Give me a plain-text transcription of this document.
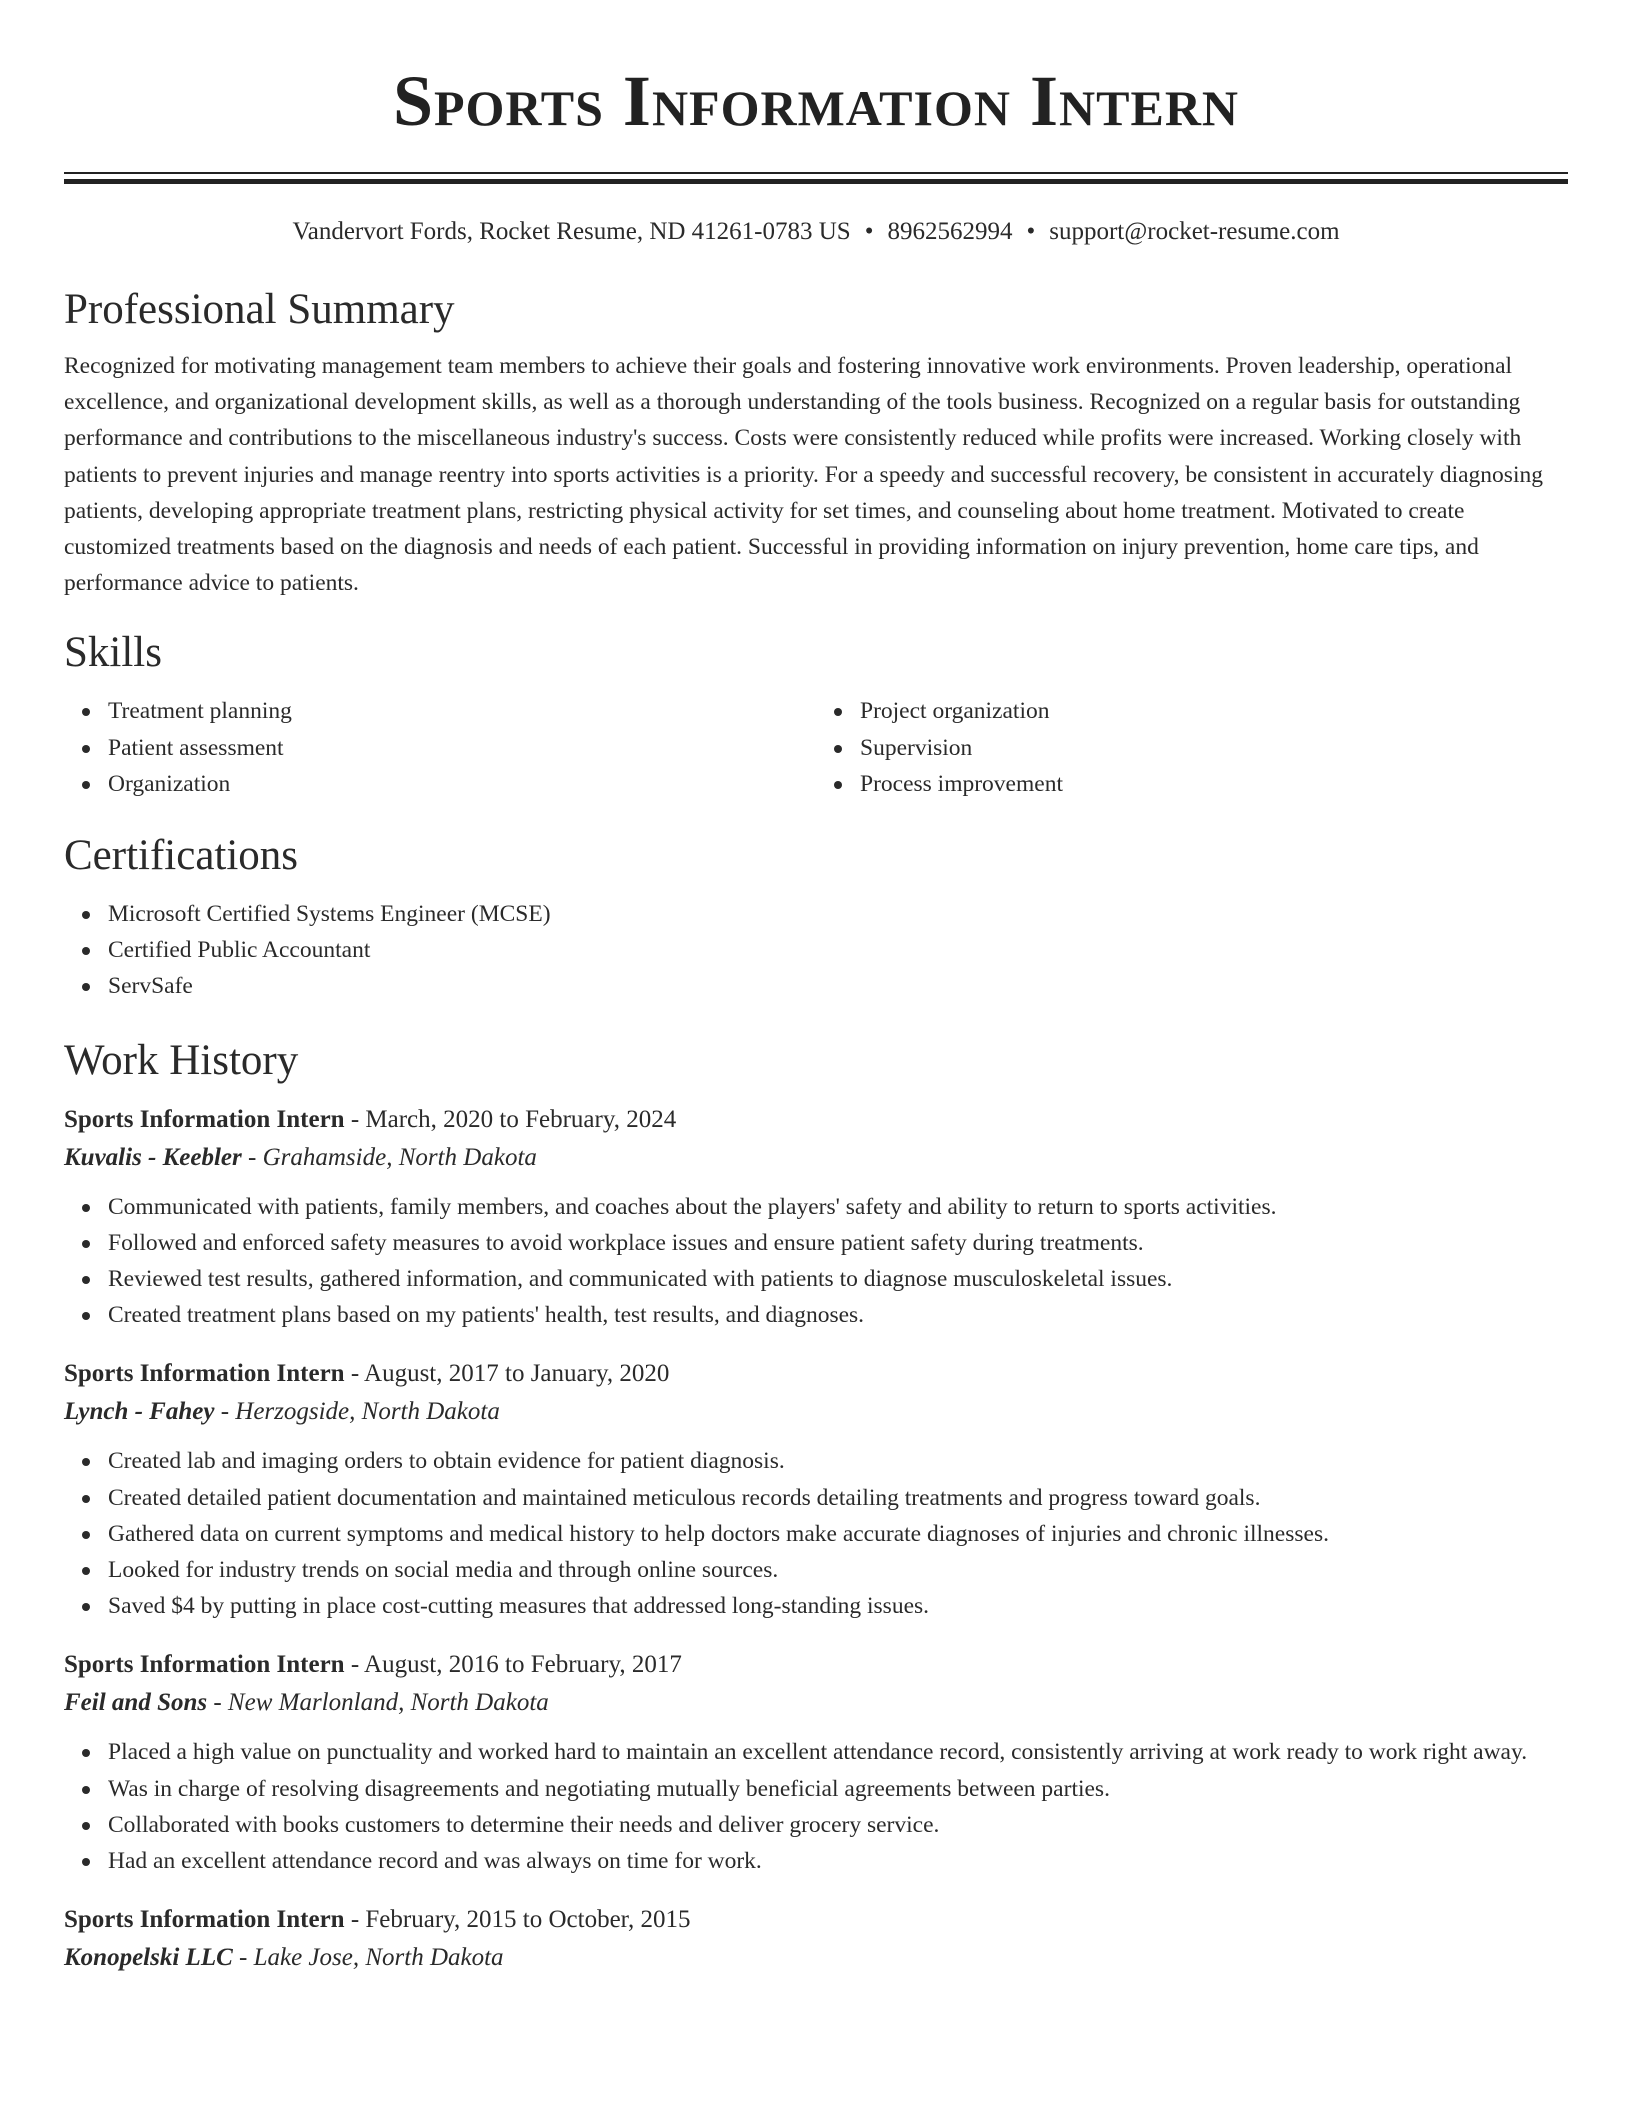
Sports Information Intern
Vandervort Fords, Rocket Resume, ND 41261-0783 US • 8962562994 • support@rocket-resume.com
Professional Summary

Recognized for motivating management team members to achieve their goals and fostering innovative work environments. Proven leadership, operational excellence, and organizational development skills, as well as a thorough understanding of the tools business. Recognized on a regular basis for outstanding performance and contributions to the miscellaneous industry's success. Costs were consistently reduced while profits were increased. Working closely with patients to prevent injuries and manage reentry into sports activities is a priority. For a speedy and successful recovery, be consistent in accurately diagnosing patients, developing appropriate treatment plans, restricting physical activity for set times, and counseling about home treatment. Motivated to create customized treatments based on the diagnosis and needs of each patient. Successful in providing information on injury prevention, home care tips, and performance advice to patients.

Skills
Treatment planning
Patient assessment
Organization
Project organization
Supervision
Process improvement
Certifications
Microsoft Certified Systems Engineer (MCSE)
Certified Public Accountant
ServSafe
Work History
Sports Information Intern - March, 2020 to February, 2024
Kuvalis - Keebler - Grahamside, North Dakota
Communicated with patients, family members, and coaches about the players' safety and ability to return to sports activities.
Followed and enforced safety measures to avoid workplace issues and ensure patient safety during treatments.
Reviewed test results, gathered information, and communicated with patients to diagnose musculoskeletal issues.
Created treatment plans based on my patients' health, test results, and diagnoses.
Sports Information Intern - August, 2017 to January, 2020
Lynch - Fahey - Herzogside, North Dakota
Created lab and imaging orders to obtain evidence for patient diagnosis.
Created detailed patient documentation and maintained meticulous records detailing treatments and progress toward goals.
Gathered data on current symptoms and medical history to help doctors make accurate diagnoses of injuries and chronic illnesses.
Looked for industry trends on social media and through online sources.
Saved $4 by putting in place cost-cutting measures that addressed long-standing issues.
Sports Information Intern - August, 2016 to February, 2017
Feil and Sons - New Marlonland, North Dakota
Placed a high value on punctuality and worked hard to maintain an excellent attendance record, consistently arriving at work ready to work right away.
Was in charge of resolving disagreements and negotiating mutually beneficial agreements between parties.
Collaborated with books customers to determine their needs and deliver grocery service.
Had an excellent attendance record and was always on time for work.
Sports Information Intern - February, 2015 to October, 2015
Konopelski LLC - Lake Jose, North Dakota
